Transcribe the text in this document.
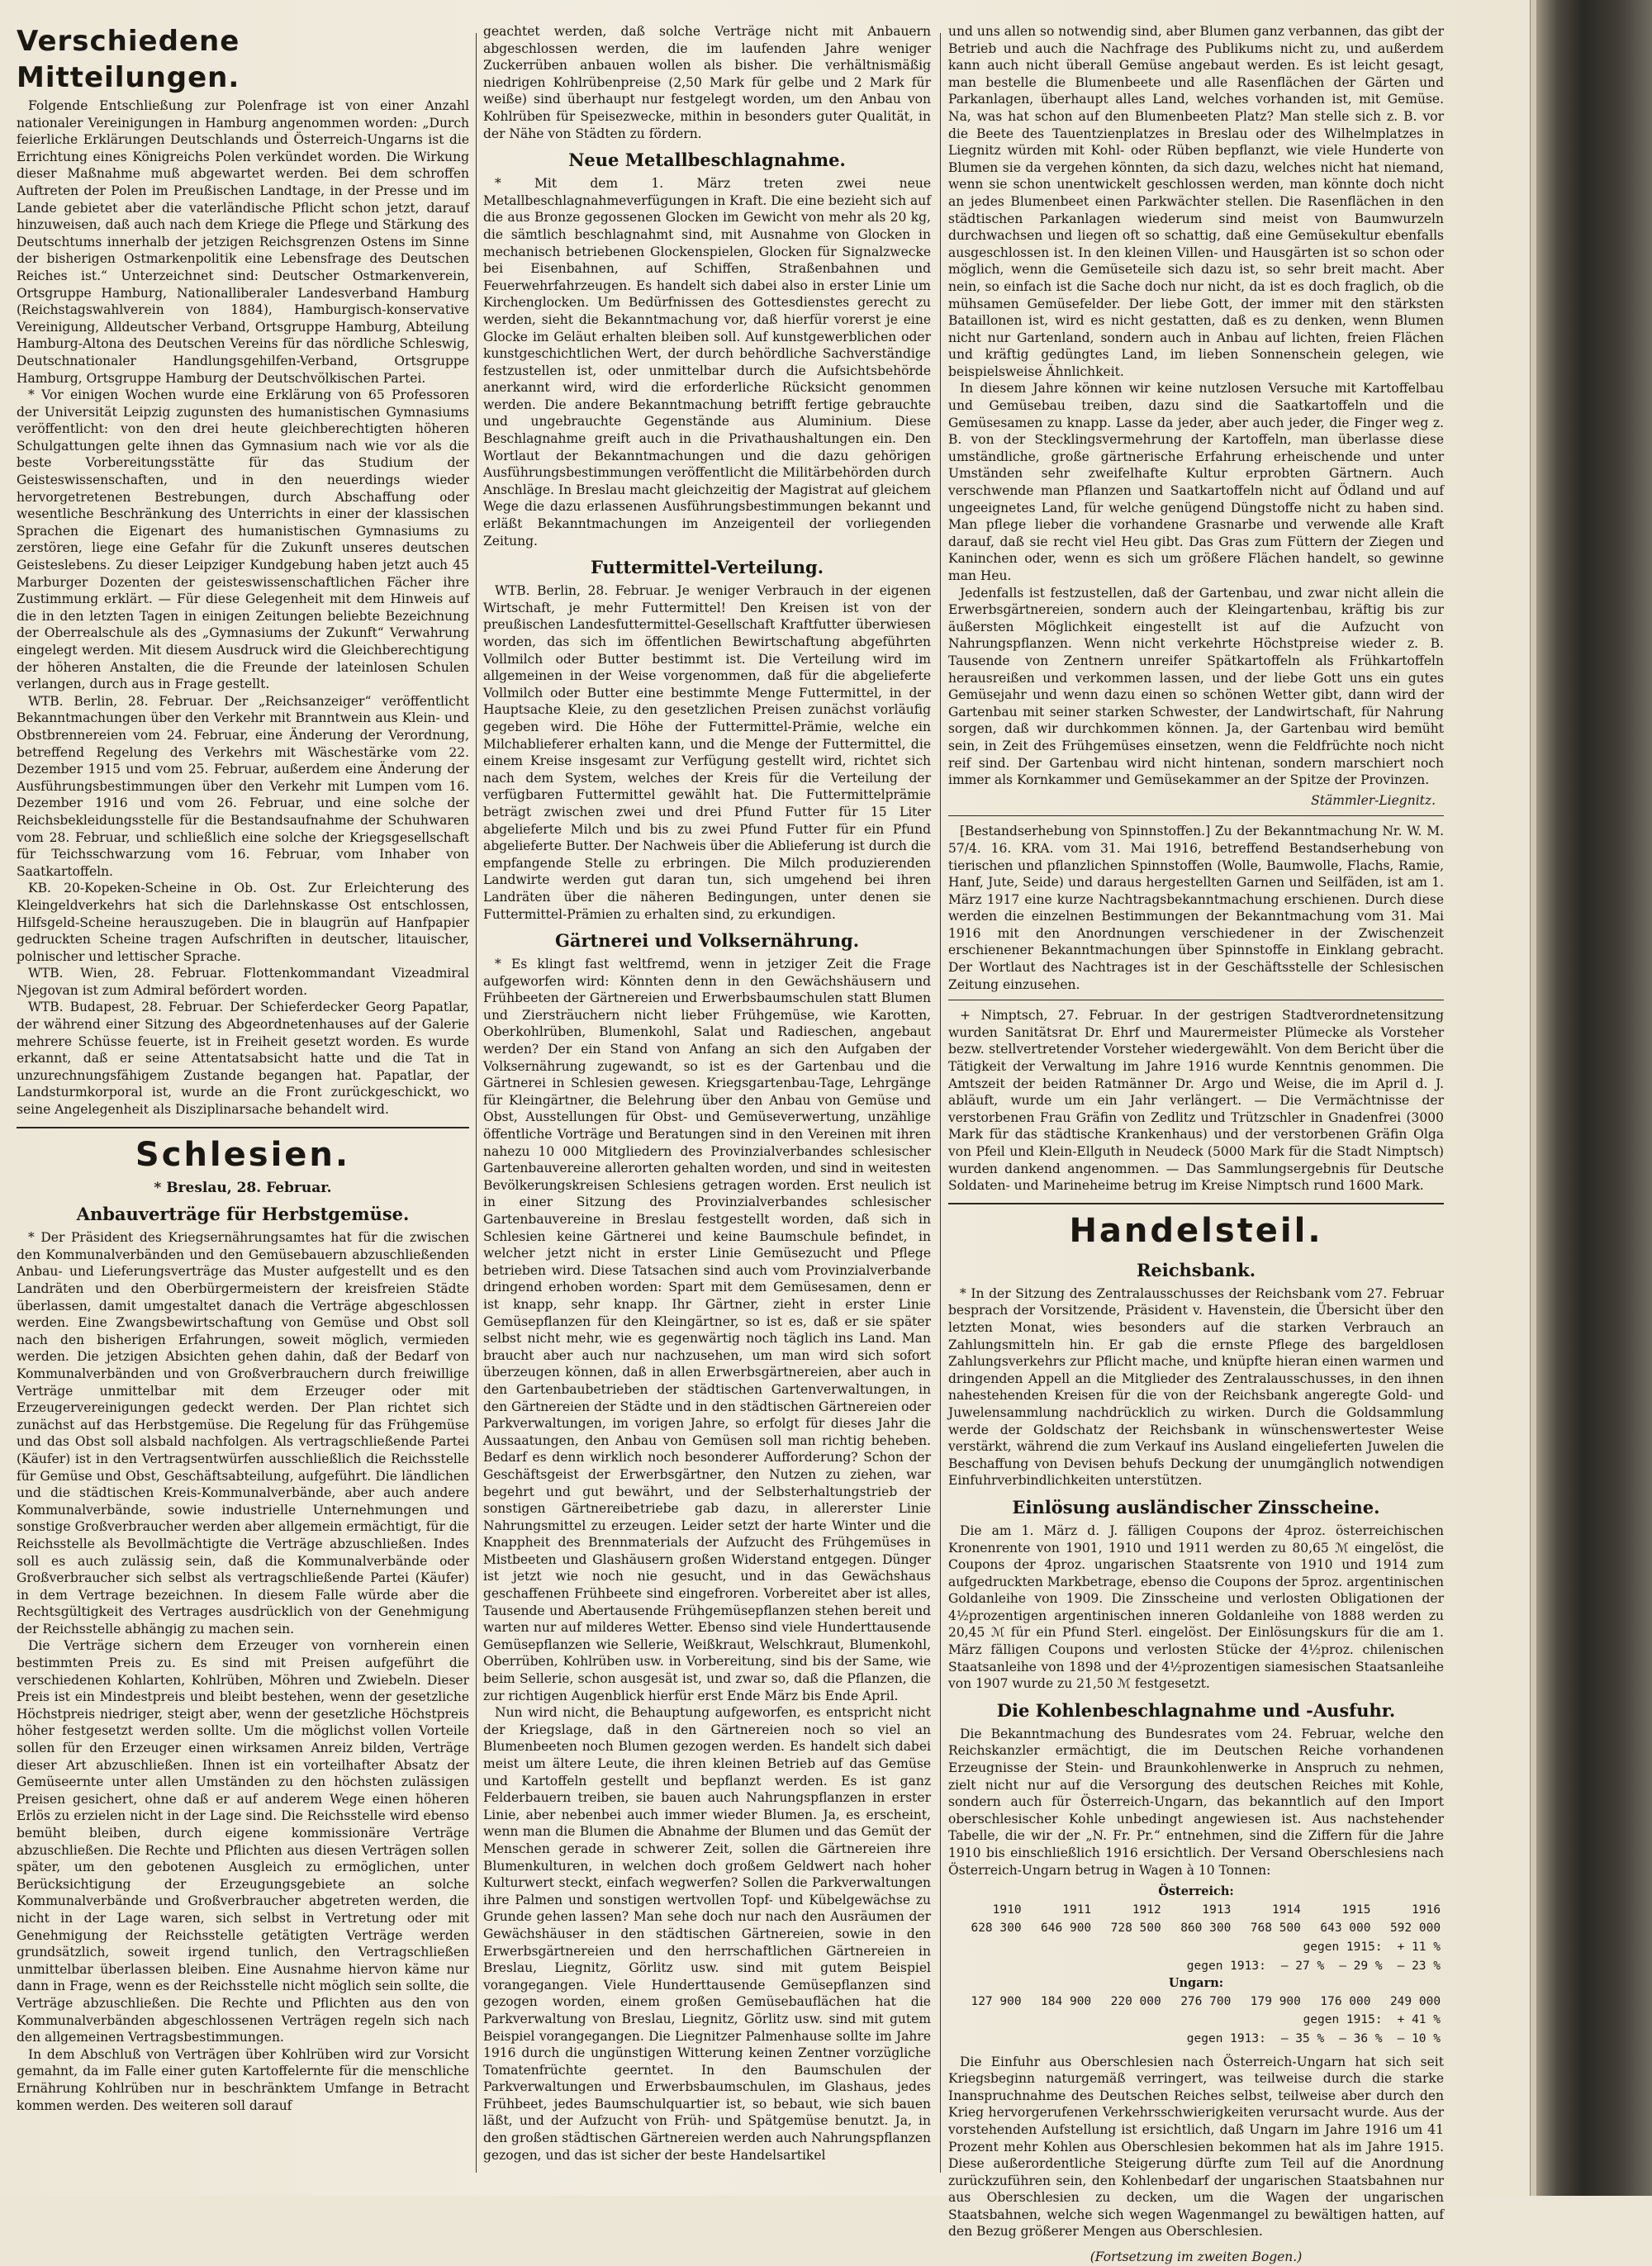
Verschiedene Mitteilungen.

Folgende Entschließung zur Polenfrage ist von einer Anzahl nationaler Vereinigungen in Hamburg angenommen worden: „Durch feierliche Erklärungen Deutschlands und Österreich-Ungarns ist die Errichtung eines Königreichs Polen verkündet worden. Die Wirkung dieser Maßnahme muß abgewartet werden. Bei dem schroffen Auftreten der Polen im Preußischen Landtage, in der Presse und im Lande gebietet aber die vaterländische Pflicht schon jetzt, darauf hinzuweisen, daß auch nach dem Kriege die Pflege und Stärkung des Deutschtums innerhalb der jetzigen Reichsgrenzen Ostens im Sinne der bisherigen Ostmarkenpolitik eine Lebensfrage des Deutschen Reiches ist.“ Unterzeichnet sind: Deutscher Ostmarkenverein, Ortsgruppe Hamburg, Nationalliberaler Landesverband Hamburg (Reichstagswahlverein von 1884), Hamburgisch-konservative Vereinigung, Alldeutscher Verband, Ortsgruppe Hamburg, Abteilung Hamburg-Altona des Deutschen Vereins für das nördliche Schleswig, Deutschnationaler Handlungsgehilfen-Verband, Ortsgruppe Hamburg, Ortsgruppe Hamburg der Deutschvölkischen Partei.

* Vor einigen Wochen wurde eine Erklärung von 65 Professoren der Universität Leipzig zugunsten des humanistischen Gymnasiums veröffentlicht: von den drei heute gleichberechtigten höheren Schulgattungen gelte ihnen das Gymnasium nach wie vor als die beste Vorbereitungsstätte für das Studium der Geisteswissenschaften, und in den neuerdings wieder hervorgetretenen Bestrebungen, durch Abschaffung oder wesentliche Beschränkung des Unterrichts in einer der klassischen Sprachen die Eigenart des humanistischen Gymnasiums zu zerstören, liege eine Gefahr für die Zukunft unseres deutschen Geisteslebens. Zu dieser Leipziger Kundgebung haben jetzt auch 45 Marburger Dozenten der geisteswissenschaftlichen Fächer ihre Zustimmung erklärt. — Für diese Gelegenheit mit dem Hinweis auf die in den letzten Tagen in einigen Zeitungen beliebte Bezeichnung der Oberrealschule als des „Gymnasiums der Zukunft“ Verwahrung eingelegt werden. Mit diesem Ausdruck wird die Gleichberechtigung der höheren Anstalten, die die Freunde der lateinlosen Schulen verlangen, durch aus in Frage gestellt.

WTB. Berlin, 28. Februar. Der „Reichsanzeiger“ veröffentlicht Bekanntmachungen über den Verkehr mit Branntwein aus Klein- und Obstbrennereien vom 24. Februar, eine Änderung der Verordnung, betreffend Regelung des Verkehrs mit Wäschestärke vom 22. Dezember 1915 und vom 25. Februar, außerdem eine Änderung der Ausführungsbestimmungen über den Verkehr mit Lumpen vom 16. Dezember 1916 und vom 26. Februar, und eine solche der Reichsbekleidungsstelle für die Bestandsaufnahme der Schuhwaren vom 28. Februar, und schließlich eine solche der Kriegsgesellschaft für Teichsschwarzung vom 16. Februar, vom Inhaber von Saatkartoffeln.

KB. 20-Kopeken-Scheine in Ob. Ost. Zur Erleichterung des Kleingeldverkehrs hat sich die Darlehnskasse Ost entschlossen, Hilfsgeld-Scheine herauszugeben. Die in blaugrün auf Hanfpapier gedruckten Scheine tragen Aufschriften in deutscher, litauischer, polnischer und lettischer Sprache.

WTB. Wien, 28. Februar. Flottenkommandant Vizeadmiral Njegovan ist zum Admiral befördert worden.

WTB. Budapest, 28. Februar. Der Schieferdecker Georg Papatlar, der während einer Sitzung des Abgeordnetenhauses auf der Galerie mehrere Schüsse feuerte, ist in Freiheit gesetzt worden. Es wurde erkannt, daß er seine Attentatsabsicht hatte und die Tat in unzurechnungsfähigem Zustande begangen hat. Papatlar, der Landsturmkorporal ist, wurde an die Front zurückgeschickt, wo seine Angelegenheit als Disziplinarsache behandelt wird.

Schlesien.
* Breslau, 28. Februar.
Anbauverträge für Herbstgemüse.

* Der Präsident des Kriegsernährungsamtes hat für die zwischen den Kommunalverbänden und den Gemüsebauern abzuschließenden Anbau- und Lieferungsverträge das Muster aufgestellt und es den Landräten und den Oberbürgermeistern der kreisfreien Städte überlassen, damit umgestaltet danach die Verträge abgeschlossen werden. Eine Zwangsbewirtschaftung von Gemüse und Obst soll nach den bisherigen Erfahrungen, soweit möglich, vermieden werden. Die jetzigen Absichten gehen dahin, daß der Bedarf von Kommunalverbänden und von Großverbrauchern durch freiwillige Verträge unmittelbar mit dem Erzeuger oder mit Erzeugervereinigungen gedeckt werden. Der Plan richtet sich zunächst auf das Herbstgemüse. Die Regelung für das Frühgemüse und das Obst soll alsbald nachfolgen. Als vertragschließende Partei (Käufer) ist in den Vertragsentwürfen ausschließlich die Reichsstelle für Gemüse und Obst, Geschäftsabteilung, aufgeführt. Die ländlichen und die städtischen Kreis-Kommunalverbände, aber auch andere Kommunalverbände, sowie industrielle Unternehmungen und sonstige Großverbraucher werden aber allgemein ermächtigt, für die Reichsstelle als Bevollmächtigte die Verträge abzuschließen. Indes soll es auch zulässig sein, daß die Kommunalverbände oder Großverbraucher sich selbst als vertragschließende Partei (Käufer) in dem Vertrage bezeichnen. In diesem Falle würde aber die Rechtsgültigkeit des Vertrages ausdrücklich von der Genehmigung der Reichsstelle abhängig zu machen sein.

Die Verträge sichern dem Erzeuger von vornherein einen bestimmten Preis zu. Es sind mit Preisen aufgeführt die verschiedenen Kohlarten, Kohlrüben, Möhren und Zwiebeln. Dieser Preis ist ein Mindestpreis und bleibt bestehen, wenn der gesetzliche Höchstpreis niedriger, steigt aber, wenn der gesetzliche Höchstpreis höher festgesetzt werden sollte. Um die möglichst vollen Vorteile sollen für den Erzeuger einen wirksamen Anreiz bilden, Verträge dieser Art abzuschließen. Ihnen ist ein vorteilhafter Absatz der Gemüseernte unter allen Umständen zu den höchsten zulässigen Preisen gesichert, ohne daß er auf anderem Wege einen höheren Erlös zu erzielen nicht in der Lage sind. Die Reichsstelle wird ebenso bemüht bleiben, durch eigene kommissionäre Verträge abzuschließen. Die Rechte und Pflichten aus diesen Verträgen sollen später, um den gebotenen Ausgleich zu ermöglichen, unter Berücksichtigung der Erzeugungsgebiete an solche Kommunalverbände und Großverbraucher abgetreten werden, die nicht in der Lage waren, sich selbst in Vertretung oder mit Genehmigung der Reichsstelle getätigten Verträge werden grundsätzlich, soweit irgend tunlich, den Vertragschließen unmittelbar überlassen bleiben. Eine Ausnahme hiervon käme nur dann in Frage, wenn es der Reichsstelle nicht möglich sein sollte, die Verträge abzuschließen. Die Rechte und Pflichten aus den von Kommunalverbänden abgeschlossenen Verträgen regeln sich nach den allgemeinen Vertragsbestimmungen.

In dem Abschluß von Verträgen über Kohlrüben wird zur Vorsicht gemahnt, da im Falle einer guten Kartoffelernte für die menschliche Ernährung Kohlrüben nur in beschränktem Umfange in Betracht kommen werden. Des weiteren soll darauf

geachtet werden, daß solche Verträge nicht mit Anbauern abgeschlossen werden, die im laufenden Jahre weniger Zuckerrüben anbauen wollen als bisher. Die verhältnismäßig niedrigen Kohlrübenpreise (2,50 Mark für gelbe und 2 Mark für weiße) sind überhaupt nur festgelegt worden, um den Anbau von Kohlrüben für Speisezwecke, mithin in besonders guter Qualität, in der Nähe von Städten zu fördern.

Neue Metallbeschlagnahme.

* Mit dem 1. März treten zwei neue Metallbeschlagnahmeverfügungen in Kraft. Die eine bezieht sich auf die aus Bronze gegossenen Glocken im Gewicht von mehr als 20 kg, die sämtlich beschlagnahmt sind, mit Ausnahme von Glocken in mechanisch betriebenen Glockenspielen, Glocken für Signalzwecke bei Eisenbahnen, auf Schiffen, Straßenbahnen und Feuerwehrfahrzeugen. Es handelt sich dabei also in erster Linie um Kirchenglocken. Um Bedürfnissen des Gottesdienstes gerecht zu werden, sieht die Bekanntmachung vor, daß hierfür vorerst je eine Glocke im Geläut erhalten bleiben soll. Auf kunstgewerblichen oder kunstgeschichtlichen Wert, der durch behördliche Sachverständige festzustellen ist, oder unmittelbar durch die Aufsichtsbehörde anerkannt wird, wird die erforderliche Rücksicht genommen werden. Die andere Bekanntmachung betrifft fertige gebrauchte und ungebrauchte Gegenstände aus Aluminium. Diese Beschlagnahme greift auch in die Privathaushaltungen ein. Den Wortlaut der Bekanntmachungen und die dazu gehörigen Ausführungsbestimmungen veröffentlicht die Militärbehörden durch Anschläge. In Breslau macht gleichzeitig der Magistrat auf gleichem Wege die dazu erlassenen Ausführungsbestimmungen bekannt und erläßt Bekanntmachungen im Anzeigenteil der vorliegenden Zeitung.

Futtermittel-Verteilung.

WTB. Berlin, 28. Februar. Je weniger Verbrauch in der eigenen Wirtschaft, je mehr Futtermittel! Den Kreisen ist von der preußischen Landesfuttermittel-Gesellschaft Kraftfutter überwiesen worden, das sich im öffentlichen Bewirtschaftung abgeführten Vollmilch oder Butter bestimmt ist. Die Verteilung wird im allgemeinen in der Weise vorgenommen, daß für die abgelieferte Vollmilch oder Butter eine bestimmte Menge Futtermittel, in der Hauptsache Kleie, zu den gesetzlichen Preisen zunächst vorläufig gegeben wird. Die Höhe der Futtermittel-Prämie, welche ein Milchablieferer erhalten kann, und die Menge der Futtermittel, die einem Kreise insgesamt zur Verfügung gestellt wird, richtet sich nach dem System, welches der Kreis für die Verteilung der verfügbaren Futtermittel gewählt hat. Die Futtermittelprämie beträgt zwischen zwei und drei Pfund Futter für 15 Liter abgelieferte Milch und bis zu zwei Pfund Futter für ein Pfund abgelieferte Butter. Der Nachweis über die Ablieferung ist durch die empfangende Stelle zu erbringen. Die Milch produzierenden Landwirte werden gut daran tun, sich umgehend bei ihren Landräten über die näheren Bedingungen, unter denen sie Futtermittel-Prämien zu erhalten sind, zu erkundigen.

Gärtnerei und Volksernährung.

* Es klingt fast weltfremd, wenn in jetziger Zeit die Frage aufgeworfen wird: Könnten denn in den Gewächshäusern und Frühbeeten der Gärtnereien und Erwerbsbaumschulen statt Blumen und Ziersträuchern nicht lieber Frühgemüse, wie Karotten, Oberkohlrüben, Blumenkohl, Salat und Radieschen, angebaut werden? Der ein Stand von Anfang an sich den Aufgaben der Volksernährung zugewandt, so ist es der Gartenbau und die Gärtnerei in Schlesien gewesen. Kriegsgartenbau-Tage, Lehrgänge für Kleingärtner, die Belehrung über den Anbau von Gemüse und Obst, Ausstellungen für Obst- und Gemüseverwertung, unzählige öffentliche Vorträge und Beratungen sind in den Vereinen mit ihren nahezu 10 000 Mitgliedern des Provinzialverbandes schlesischer Gartenbauvereine allerorten gehalten worden, und sind in weitesten Bevölkerungskreisen Schlesiens getragen worden. Erst neulich ist in einer Sitzung des Provinzialverbandes schlesischer Gartenbauvereine in Breslau festgestellt worden, daß sich in Schlesien keine Gärtnerei und keine Baumschule befindet, in welcher jetzt nicht in erster Linie Gemüsezucht und Pflege betrieben wird. Diese Tatsachen sind auch vom Provinzialverbande dringend erhoben worden: Spart mit dem Gemüsesamen, denn er ist knapp, sehr knapp. Ihr Gärtner, zieht in erster Linie Gemüsepflanzen für den Kleingärtner, so ist es, daß er sie später selbst nicht mehr, wie es gegenwärtig noch täglich ins Land. Man braucht aber auch nur nachzusehen, um man wird sich sofort überzeugen können, daß in allen Erwerbsgärtnereien, aber auch in den Gartenbaubetrieben der städtischen Gartenverwaltungen, in den Gärtnereien der Städte und in den städtischen Gärtnereien oder Parkverwaltungen, im vorigen Jahre, so erfolgt für dieses Jahr die Aussaatungen, den Anbau von Gemüsen soll man richtig beheben. Bedarf es denn wirklich noch besonderer Aufforderung? Schon der Geschäftsgeist der Erwerbsgärtner, den Nutzen zu ziehen, war begehrt und gut bewährt, und der Selbsterhaltungstrieb der sonstigen Gärtnereibetriebe gab dazu, in allererster Linie Nahrungsmittel zu erzeugen. Leider setzt der harte Winter und die Knappheit des Brennmaterials der Aufzucht des Frühgemüses in Mistbeeten und Glashäusern großen Widerstand entgegen. Dünger ist jetzt wie noch nie gesucht, und in das Gewächshaus geschaffenen Frühbeete sind eingefroren. Vorbereitet aber ist alles, Tausende und Abertausende Frühgemüsepflanzen stehen bereit und warten nur auf milderes Wetter. Ebenso sind viele Hunderttausende Gemüsepflanzen wie Sellerie, Weißkraut, Welschkraut, Blumenkohl, Oberrüben, Kohlrüben usw. in Vorbereitung, sind bis der Same, wie beim Sellerie, schon ausgesät ist, und zwar so, daß die Pflanzen, die zur richtigen Augenblick hierfür erst Ende März bis Ende April.

Nun wird nicht, die Behauptung aufgeworfen, es entspricht nicht der Kriegslage, daß in den Gärtnereien noch so viel an Blumenbeeten noch Blumen gezogen werden. Es handelt sich dabei meist um ältere Leute, die ihren kleinen Betrieb auf das Gemüse und Kartoffeln gestellt und bepflanzt werden. Es ist ganz Felderbauern treiben, sie bauen auch Nahrungspflanzen in erster Linie, aber nebenbei auch immer wieder Blumen. Ja, es erscheint, wenn man die Blumen die Abnahme der Blumen und das Gemüt der Menschen gerade in schwerer Zeit, sollen die Gärtnereien ihre Blumenkulturen, in welchen doch großem Geldwert nach hoher Kulturwert steckt, einfach wegwerfen? Sollen die Parkverwaltungen ihre Palmen und sonstigen wertvollen Topf- und Kübelgewächse zu Grunde gehen lassen? Man sehe doch nur nach den Ausräumen der Gewächshäuser in den städtischen Gärtnereien, sowie in den Erwerbsgärtnereien und den herrschaftlichen Gärtnereien in Breslau, Liegnitz, Görlitz usw. sind mit gutem Beispiel vorangegangen. Viele Hunderttausende Gemüsepflanzen sind gezogen worden, einem großen Gemüsebauflächen hat die Parkverwaltung von Breslau, Liegnitz, Görlitz usw. sind mit gutem Beispiel vorangegangen. Die Liegnitzer Palmenhause sollte im Jahre 1916 durch die ungünstigen Witterung keinen Zentner vorzügliche Tomatenfrüchte geerntet. In den Baumschulen der Parkverwaltungen und Erwerbsbaumschulen, im Glashaus, jedes Frühbeet, jedes Baumschulquartier ist, so bebaut, wie sich bauen läßt, und der Aufzucht von Früh- und Spätgemüse benutzt. Ja, in den großen städtischen Gärtnereien werden auch Nahrungspflanzen gezogen, und das ist sicher der beste Handelsartikel

und uns allen so notwendig sind, aber Blumen ganz verbannen, das gibt der Betrieb und auch die Nachfrage des Publikums nicht zu, und außerdem kann auch nicht überall Gemüse angebaut werden. Es ist leicht gesagt, man bestelle die Blumenbeete und alle Rasenflächen der Gärten und Parkanlagen, überhaupt alles Land, welches vorhanden ist, mit Gemüse. Na, was hat schon auf den Blumenbeeten Platz? Man stelle sich z. B. vor die Beete des Tauentzienplatzes in Breslau oder des Wilhelmplatzes in Liegnitz würden mit Kohl- oder Rüben bepflanzt, wie viele Hunderte von Blumen sie da vergehen könnten, da sich dazu, welches nicht hat niemand, wenn sie schon unentwickelt geschlossen werden, man könnte doch nicht an jedes Blumenbeet einen Parkwächter stellen. Die Rasenflächen in den städtischen Parkanlagen wiederum sind meist von Baumwurzeln durchwachsen und liegen oft so schattig, daß eine Gemüsekultur ebenfalls ausgeschlossen ist. In den kleinen Villen- und Hausgärten ist so schon oder möglich, wenn die Gemüseteile sich dazu ist, so sehr breit macht. Aber nein, so einfach ist die Sache doch nur nicht, da ist es doch fraglich, ob die mühsamen Gemüsefelder. Der liebe Gott, der immer mit den stärksten Bataillonen ist, wird es nicht gestatten, daß es zu denken, wenn Blumen nicht nur Gartenland, sondern auch in Anbau auf lichten, freien Flächen und kräftig gedüngtes Land, im lieben Sonnenschein gelegen, wie beispielsweise Ähnlichkeit.

In diesem Jahre können wir keine nutzlosen Versuche mit Kartoffelbau und Gemüsebau treiben, dazu sind die Saatkartoffeln und die Gemüsesamen zu knapp. Lasse da jeder, aber auch jeder, die Finger weg z. B. von der Stecklingsvermehrung der Kartoffeln, man überlasse diese umständliche, große gärtnerische Erfahrung erheischende und unter Umständen sehr zweifelhafte Kultur erprobten Gärtnern. Auch verschwende man Pflanzen und Saatkartoffeln nicht auf Ödland und auf ungeeignetes Land, für welche genügend Düngstoffe nicht zu haben sind. Man pflege lieber die vorhandene Grasnarbe und verwende alle Kraft darauf, daß sie recht viel Heu gibt. Das Gras zum Füttern der Ziegen und Kaninchen oder, wenn es sich um größere Flächen handelt, so gewinne man Heu.

Jedenfalls ist festzustellen, daß der Gartenbau, und zwar nicht allein die Erwerbsgärtnereien, sondern auch der Kleingartenbau, kräftig bis zur äußersten Möglichkeit eingestellt ist auf die Aufzucht von Nahrungspflanzen. Wenn nicht verkehrte Höchstpreise wieder z. B. Tausende von Zentnern unreifer Spätkartoffeln als Frühkartoffeln herausreißen und verkommen lassen, und der liebe Gott uns ein gutes Gemüsejahr und wenn dazu einen so schönen Wetter gibt, dann wird der Gartenbau mit seiner starken Schwester, der Landwirtschaft, für Nahrung sorgen, daß wir durchkommen können. Ja, der Gartenbau wird bemüht sein, in Zeit des Frühgemüses einsetzen, wenn die Feldfrüchte noch nicht reif sind. Der Gartenbau wird nicht hintenan, sondern marschiert noch immer als Kornkammer und Gemüsekammer an der Spitze der Provinzen.

Stämmler-Liegnitz.

[Bestandserhebung von Spinnstoffen.] Zu der Bekanntmachung Nr. W. M. 57/4. 16. KRA. vom 31. Mai 1916, betreffend Bestandserhebung von tierischen und pflanzlichen Spinnstoffen (Wolle, Baumwolle, Flachs, Ramie, Hanf, Jute, Seide) und daraus hergestellten Garnen und Seilfäden, ist am 1. März 1917 eine kurze Nachtragsbekanntmachung erschienen. Durch diese werden die einzelnen Bestimmungen der Bekanntmachung vom 31. Mai 1916 mit den Anordnungen verschiedener in der Zwischenzeit erschienener Bekanntmachungen über Spinnstoffe in Einklang gebracht. Der Wortlaut des Nachtrages ist in der Geschäftsstelle der Schlesischen Zeitung einzusehen.

+ Nimptsch, 27. Februar. In der gestrigen Stadtverordnetensitzung wurden Sanitätsrat Dr. Ehrf und Maurermeister Plümecke als Vorsteher bezw. stellvertretender Vorsteher wiedergewählt. Von dem Bericht über die Tätigkeit der Verwaltung im Jahre 1916 wurde Kenntnis genommen. Die Amtszeit der beiden Ratmänner Dr. Argo und Weise, die im April d. J. abläuft, wurde um ein Jahr verlängert. — Die Vermächtnisse der verstorbenen Frau Gräfin von Zedlitz und Trützschler in Gnadenfrei (3000 Mark für das städtische Krankenhaus) und der verstorbenen Gräfin Olga von Pfeil und Klein-Ellguth in Neudeck (5000 Mark für die Stadt Nimptsch) wurden dankend angenommen. — Das Sammlungsergebnis für Deutsche Soldaten- und Marineheime betrug im Kreise Nimptsch rund 1600 Mark.

Handelsteil.
Reichsbank.

* In der Sitzung des Zentralausschusses der Reichsbank vom 27. Februar besprach der Vorsitzende, Präsident v. Havenstein, die Übersicht über den letzten Monat, wies besonders auf die starken Verbrauch an Zahlungsmitteln hin. Er gab die ernste Pflege des bargeldlosen Zahlungsverkehrs zur Pflicht mache, und knüpfte hieran einen warmen und dringenden Appell an die Mitglieder des Zentralausschusses, in den ihnen nahestehenden Kreisen für die von der Reichsbank angeregte Gold- und Juwelensammlung nachdrücklich zu wirken. Durch die Goldsammlung werde der Goldschatz der Reichsbank in wünschenswertester Weise verstärkt, während die zum Verkauf ins Ausland eingelieferten Juwelen die Beschaffung von Devisen behufs Deckung der unumgänglich notwendigen Einfuhrverbindlichkeiten unterstützen.

Einlösung ausländischer Zinsscheine.

Die am 1. März d. J. fälligen Coupons der 4proz. österreichischen Kronenrente von 1901, 1910 und 1911 werden zu 80,65 ℳ eingelöst, die Coupons der 4proz. ungarischen Staatsrente von 1910 und 1914 zum aufgedruckten Markbetrage, ebenso die Coupons der 5proz. argentinischen Goldanleihe von 1909. Die Zinsscheine und verlosten Obligationen der 4½prozentigen argentinischen inneren Goldanleihe von 1888 werden zu 20,45 ℳ für ein Pfund Sterl. eingelöst. Der Einlösungskurs für die am 1. März fälligen Coupons und verlosten Stücke der 4½proz. chilenischen Staatsanleihe von 1898 und der 4½prozentigen siamesischen Staatsanleihe von 1907 wurde zu 21,50 ℳ festgesetzt.

Die Kohlenbeschlagnahme und -Ausfuhr.

Die Bekanntmachung des Bundesrates vom 24. Februar, welche den Reichskanzler ermächtigt, die im Deutschen Reiche vorhandenen Erzeugnisse der Stein- und Braunkohlenwerke in Anspruch zu nehmen, zielt nicht nur auf die Versorgung des deutschen Reiches mit Kohle, sondern auch für Österreich-Ungarn, das bekanntlich auf den Import oberschlesischer Kohle unbedingt angewiesen ist. Aus nachstehender Tabelle, die wir der „N. Fr. Pr.“ entnehmen, sind die Ziffern für die Jahre 1910 bis einschließlich 1916 ersichtlich. Der Versand Oberschlesiens nach Österreich-Ungarn betrug in Wagen à 10 Tonnen:

Österreich:
1910	1911	1912	1913	1914	1915	1916
628 300	646 900	728 500	860 300	768 500	643 000	592 000
gegen 1915: + 11 %
gegen 1913: — 27 % — 29 % — 23 %
Ungarn:
127 900	184 900	220 000	276 700	179 900	176 000	249 000
gegen 1915: + 41 %
gegen 1913: — 35 % — 36 % — 10 %

Die Einfuhr aus Oberschlesien nach Österreich-Ungarn hat sich seit Kriegsbeginn naturgemäß verringert, was teilweise durch die starke Inanspruchnahme des Deutschen Reiches selbst, teilweise aber durch den Krieg hervorgerufenen Verkehrsschwierigkeiten verursacht wurde. Aus der vorstehenden Aufstellung ist ersichtlich, daß Ungarn im Jahre 1916 um 41 Prozent mehr Kohlen aus Oberschlesien bekommen hat als im Jahre 1915. Diese außerordentliche Steigerung dürfte zum Teil auf die Anordnung zurückzuführen sein, den Kohlenbedarf der ungarischen Staatsbahnen nur aus Oberschlesien zu decken, um die Wagen der ungarischen Staatsbahnen, welche sich wegen Wagenmangel zu bewältigen hatten, auf den Bezug größerer Mengen aus Oberschlesien.

(Fortsetzung im zweiten Bogen.)
